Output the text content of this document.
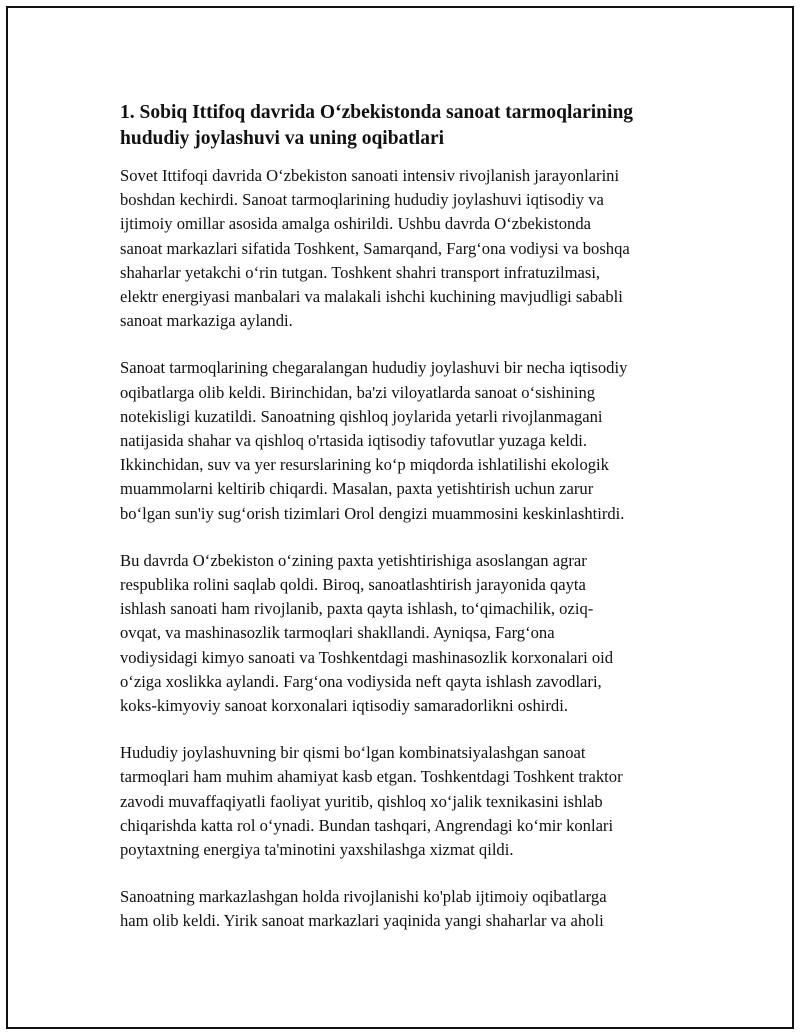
1. Sobiq Ittifoq davrida O‘zbekistonda sanoat tarmoqlarining
hududiy joylashuvi va uning oqibatlari

Sovet Ittifoqi davrida O‘zbekiston sanoati intensiv rivojlanish jarayonlarini
boshdan kechirdi. Sanoat tarmoqlarining hududiy joylashuvi iqtisodiy va
ijtimoiy omillar asosida amalga oshirildi. Ushbu davrda O‘zbekistonda
sanoat markazlari sifatida Toshkent, Samarqand, Farg‘ona vodiysi va boshqa
shaharlar yetakchi o‘rin tutgan. Toshkent shahri transport infratuzilmasi,
elektr energiyasi manbalari va malakali ishchi kuchining mavjudligi sababli
sanoat markaziga aylandi.

Sanoat tarmoqlarining chegaralangan hududiy joylashuvi bir necha iqtisodiy
oqibatlarga olib keldi. Birinchidan, ba'zi viloyatlarda sanoat o‘sishining
notekisligi kuzatildi. Sanoatning qishloq joylarida yetarli rivojlanmagani
natijasida shahar va qishloq o'rtasida iqtisodiy tafovutlar yuzaga keldi.
Ikkinchidan, suv va yer resurslarining ko‘p miqdorda ishlatilishi ekologik
muammolarni keltirib chiqardi. Masalan, paxta yetishtirish uchun zarur
bo‘lgan sun'iy sug‘orish tizimlari Orol dengizi muammosini keskinlashtirdi.

Bu davrda O‘zbekiston o‘zining paxta yetishtirishiga asoslangan agrar
respublika rolini saqlab qoldi. Biroq, sanoatlashtirish jarayonida qayta
ishlash sanoati ham rivojlanib, paxta qayta ishlash, to‘qimachilik, oziq-
ovqat, va mashinasozlik tarmoqlari shakllandi. Ayniqsa, Farg‘ona
vodiysidagi kimyo sanoati va Toshkentdagi mashinasozlik korxonalari oid
o‘ziga xoslikka aylandi. Farg‘ona vodiysida neft qayta ishlash zavodlari,
koks-kimyoviy sanoat korxonalari iqtisodiy samaradorlikni oshirdi.

Hududiy joylashuvning bir qismi bo‘lgan kombinatsiyalashgan sanoat
tarmoqlari ham muhim ahamiyat kasb etgan. Toshkentdagi Toshkent traktor
zavodi muvaffaqiyatli faoliyat yuritib, qishloq xo‘jalik texnikasini ishlab
chiqarishda katta rol o‘ynadi. Bundan tashqari, Angrendagi ko‘mir konlari
poytaxtning energiya ta'minotini yaxshilashga xizmat qildi.

Sanoatning markazlashgan holda rivojlanishi ko'plab ijtimoiy oqibatlarga
ham olib keldi. Yirik sanoat markazlari yaqinida yangi shaharlar va aholi
